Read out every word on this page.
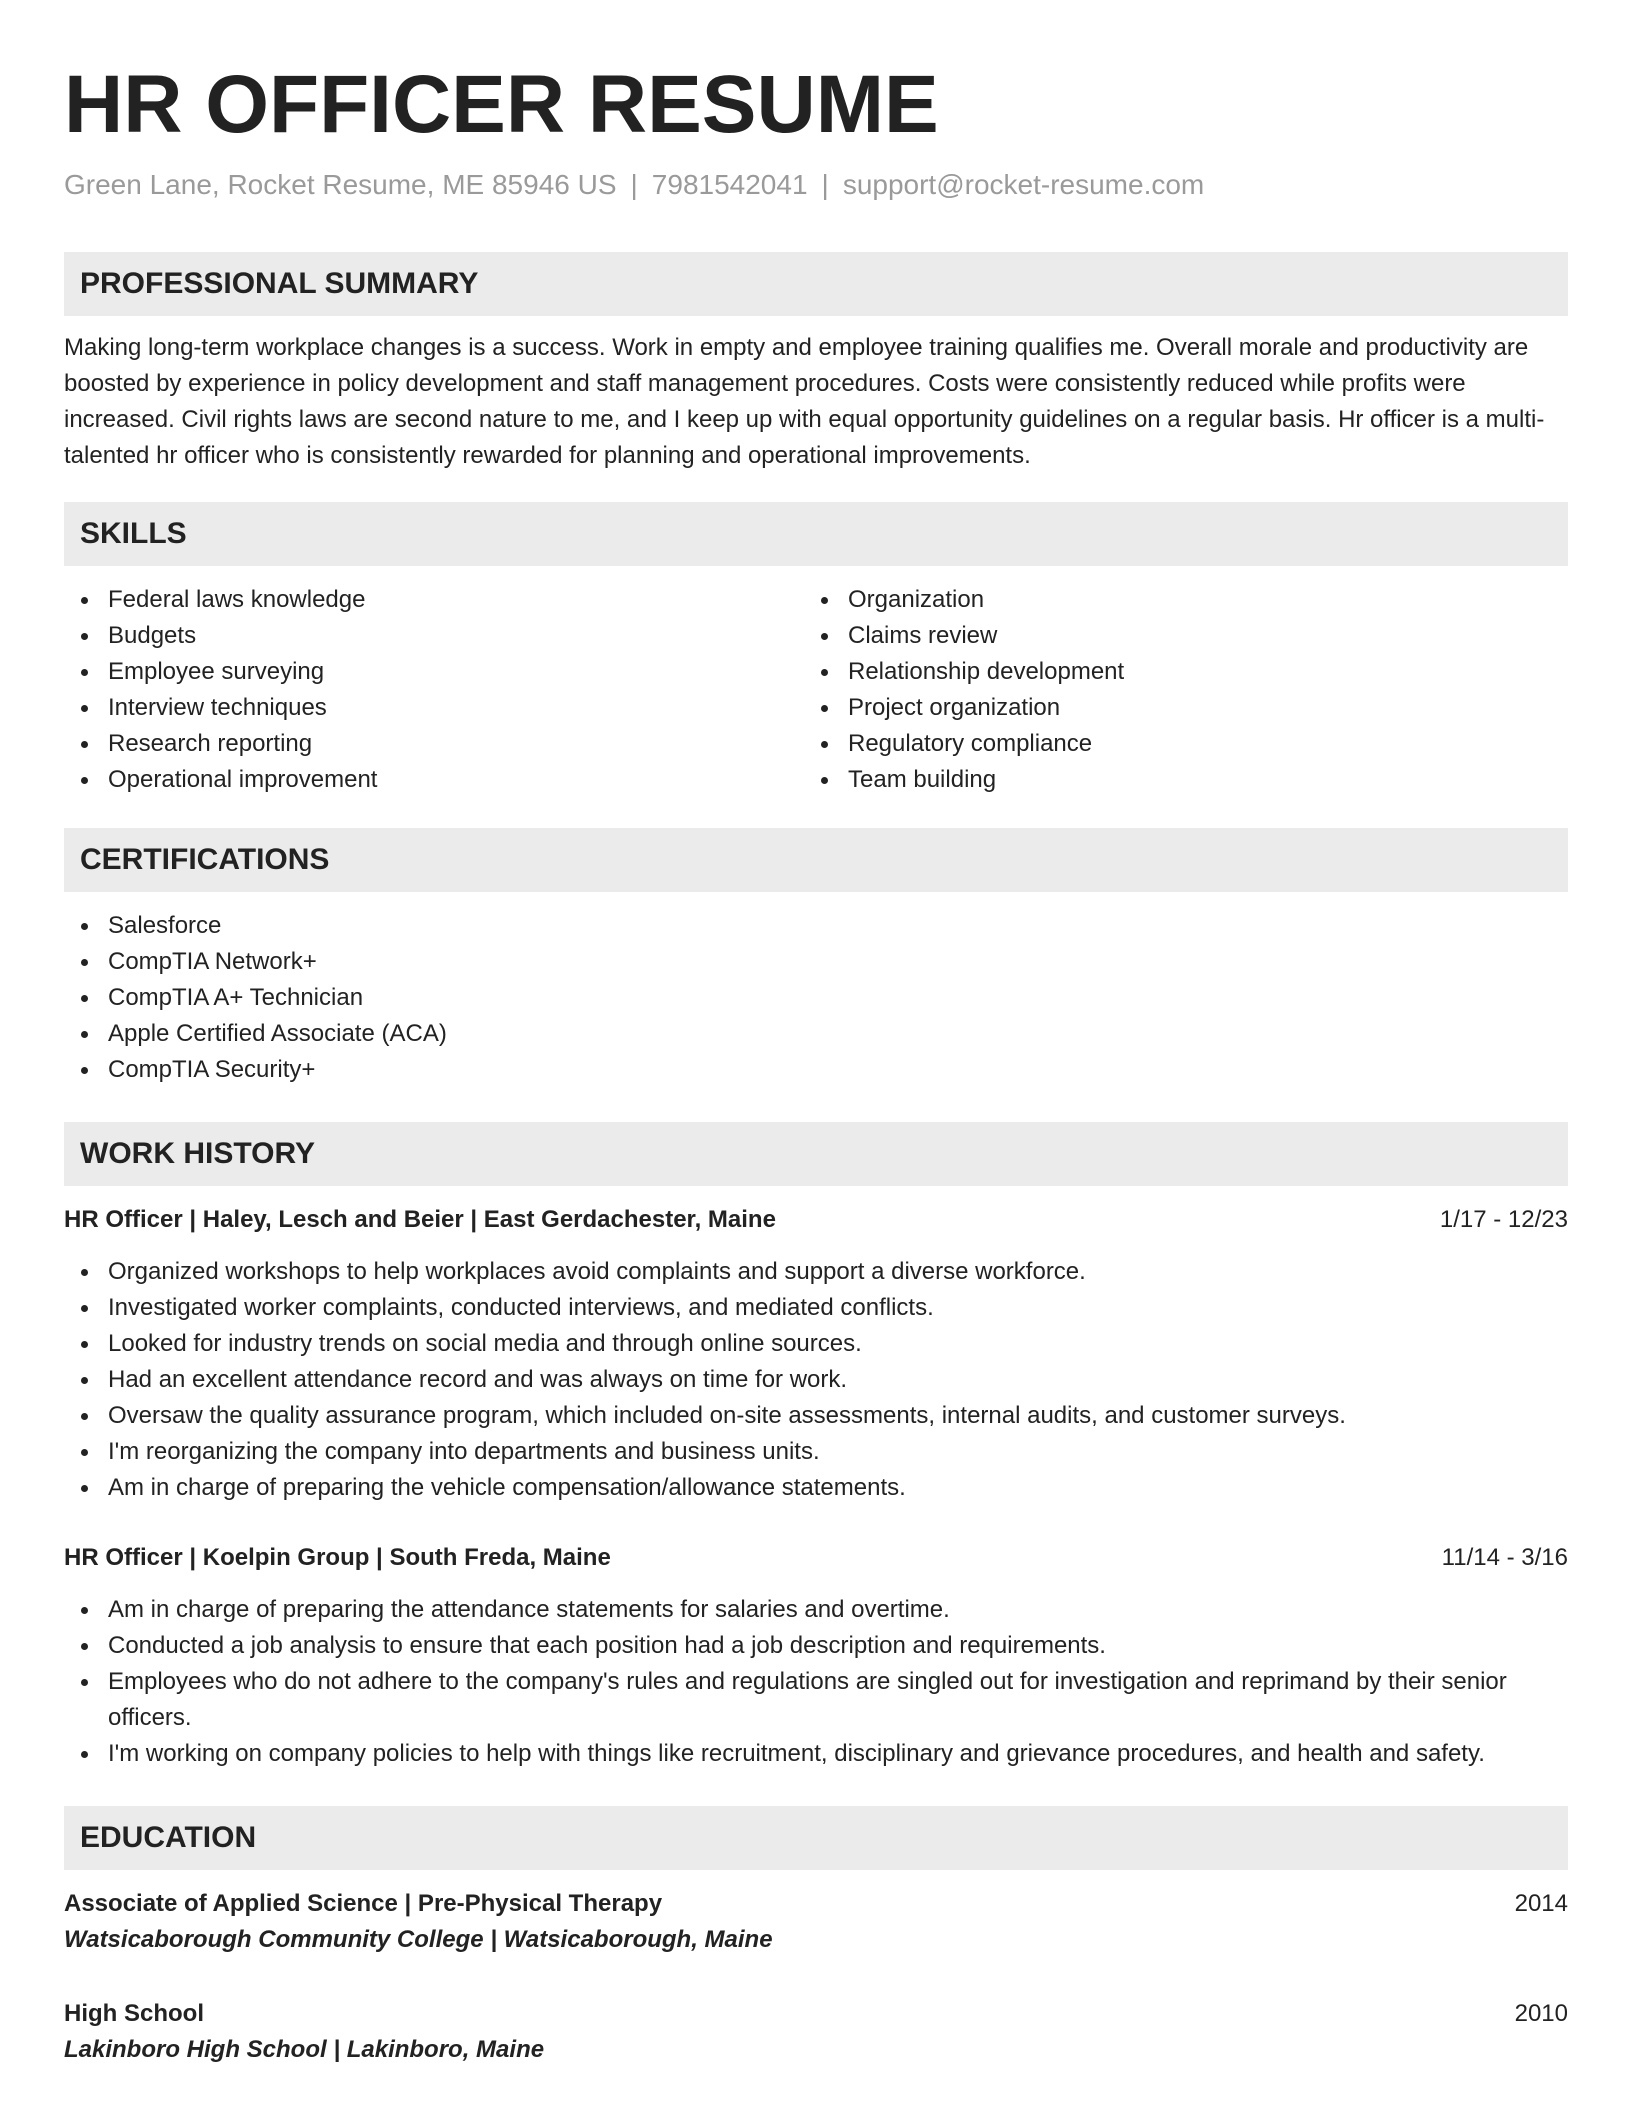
HR OFFICER RESUME
Green Lane, Rocket Resume, ME 85946 US | 7981542041 | support@rocket-resume.com
PROFESSIONAL SUMMARY
Making long-term workplace changes is a success. Work in empty and employee training qualifies me. Overall morale and productivity are boosted by experience in policy development and staff management procedures. Costs were consistently reduced while profits were increased. Civil rights laws are second nature to me, and I keep up with equal opportunity guidelines on a regular basis. Hr officer is a multi-talented hr officer who is consistently rewarded for planning and operational improvements.
SKILLS
Federal laws knowledge
Budgets
Employee surveying
Interview techniques
Research reporting
Operational improvement
Organization
Claims review
Relationship development
Project organization
Regulatory compliance
Team building
CERTIFICATIONS
Salesforce
CompTIA Network+
CompTIA A+ Technician
Apple Certified Associate (ACA)
CompTIA Security+
WORK HISTORY
HR Officer | Haley, Lesch and Beier | East Gerdachester, Maine	1/17 - 12/23
Organized workshops to help workplaces avoid complaints and support a diverse workforce.
Investigated worker complaints, conducted interviews, and mediated conflicts.
Looked for industry trends on social media and through online sources.
Had an excellent attendance record and was always on time for work.
Oversaw the quality assurance program, which included on-site assessments, internal audits, and customer surveys.
I'm reorganizing the company into departments and business units.
Am in charge of preparing the vehicle compensation/allowance statements.
HR Officer | Koelpin Group | South Freda, Maine	11/14 - 3/16
Am in charge of preparing the attendance statements for salaries and overtime.
Conducted a job analysis to ensure that each position had a job description and requirements.
Employees who do not adhere to the company's rules and regulations are singled out for investigation and reprimand by their senior officers.
I'm working on company policies to help with things like recruitment, disciplinary and grievance procedures, and health and safety.
EDUCATION
Associate of Applied Science | Pre-Physical Therapy	2014
Watsicaborough Community College | Watsicaborough, Maine
High School	2010
Lakinboro High School | Lakinboro, Maine
